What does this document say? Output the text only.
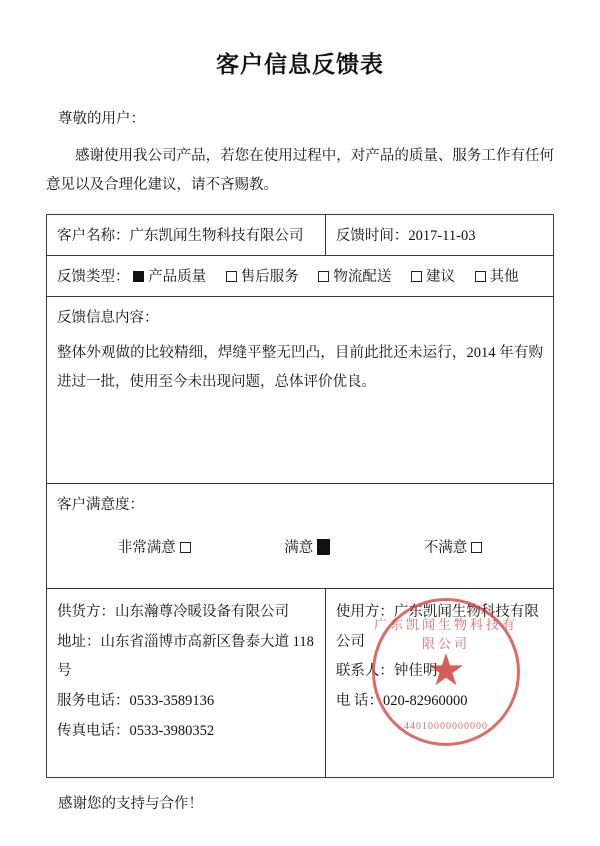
客户信息反馈表
尊敬的用户：
感谢使用我公司产品，若您在使用过程中，对产品的质量、服务工作有任何意见以及合理化建议，请不吝赐教。
客户名称：广东凯闻生物科技有限公司	反馈时间：2017-11-03
反馈类型： 产品质量 售后服务 物流配送 建议 其他	

反馈信息内容：
整体外观做的比较精细，焊缝平整无凹凸，目前此批还未运行，2014 年有购进过一批，使用至今未出现问题，总体评价优良。	

客户满意度：
非常满意 满意 不满意	

供货方：山东瀚尊冷暖设备有限公司
地址：山东省淄博市高新区鲁泰大道 118 号
服务电话：0533-3589136
传真电话：0533-3980352

使用方：广东凯闻生物科技有限公司
联系人：钟佳明
电 话：020-82960000
感谢您的支持与合作！
广东凯闻生物科技有限公司
★
44010000000000
